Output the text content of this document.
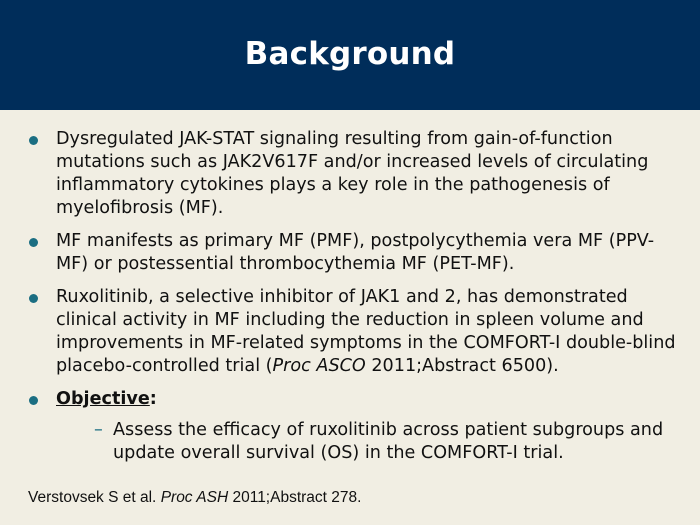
Background
Dysregulated JAK-STAT signaling resulting from gain-of-function mutations such as JAK2V617F and/or increased levels of circulating inflammatory cytokines plays a key role in the pathogenesis of myelofibrosis (MF).
MF manifests as primary MF (PMF), postpolycythemia vera MF (PPV-MF) or postessential thrombocythemia MF (PET-MF).
Ruxolitinib, a selective inhibitor of JAK1 and 2, has demonstrated clinical activity in MF including the reduction in spleen volume and improvements in MF-related symptoms in the COMFORT-I double-blind placebo-controlled trial (Proc ASCO 2011;Abstract 6500).
Objective:
– Assess the efficacy of ruxolitinib across patient subgroups and update overall survival (OS) in the COMFORT-I trial.
Verstovsek S et al. Proc ASH 2011;Abstract 278.
